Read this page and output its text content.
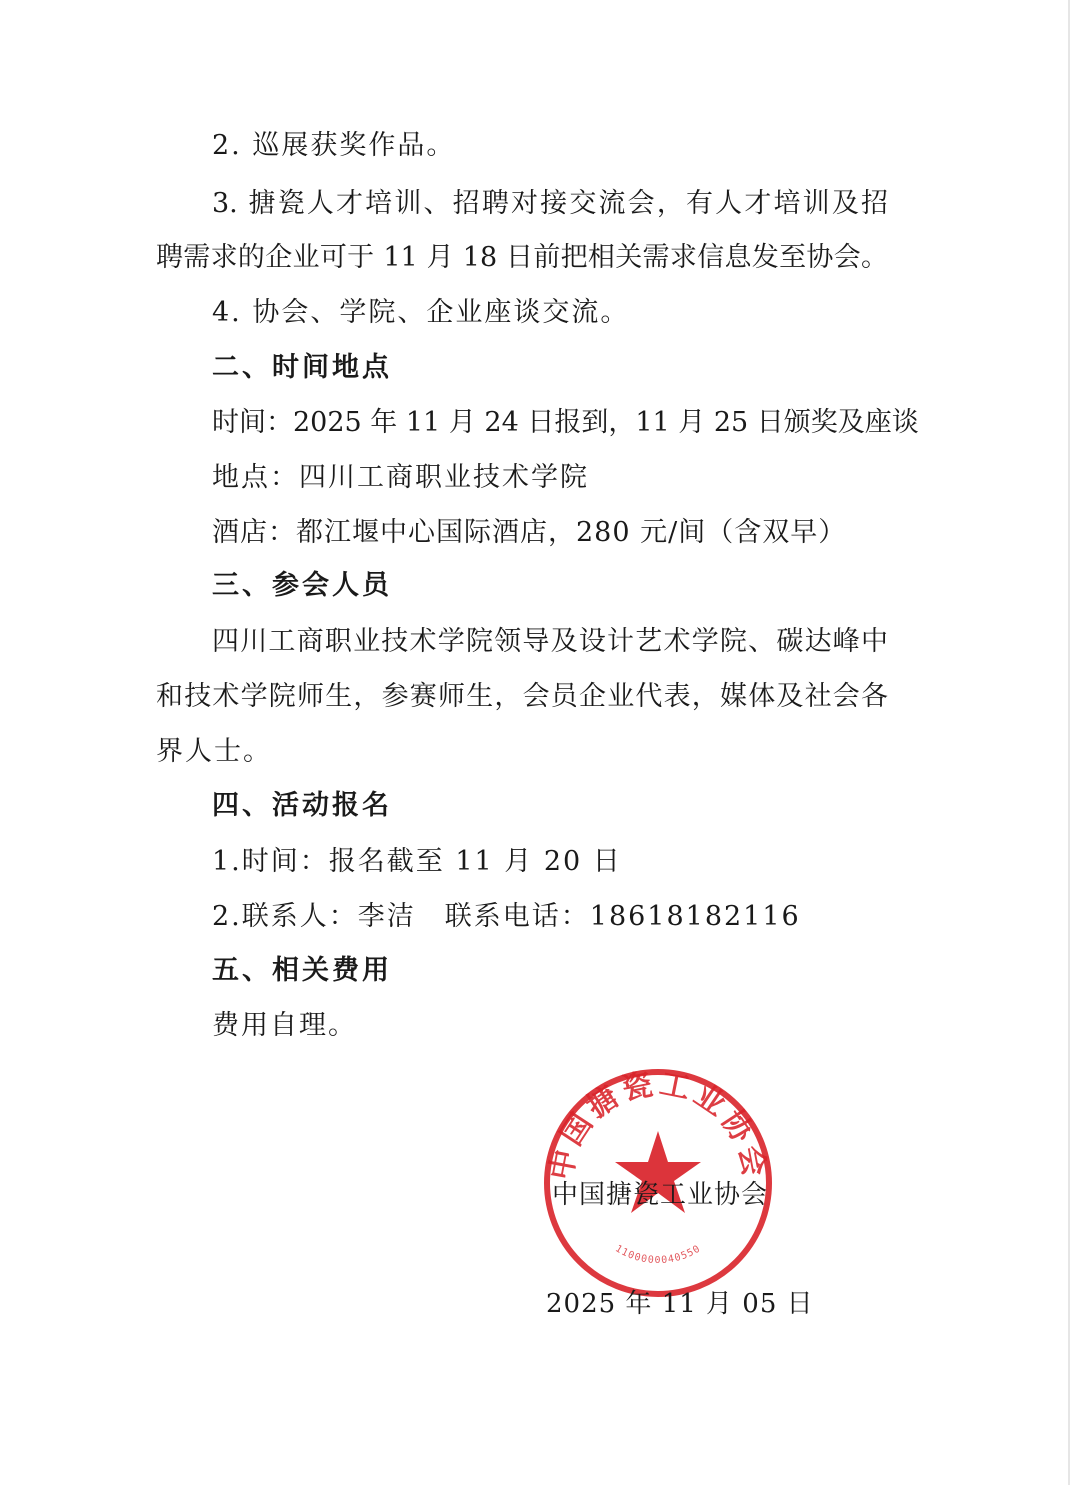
2. 巡展获奖作品。
3. 搪瓷人才培训、招聘对接交流会，有人才培训及招
聘需求的企业可于 11 月 18 日前把相关需求信息发至协会。
4. 协会、学院、企业座谈交流。
二、时间地点
时间：2025 年 11 月 24 日报到，11 月 25 日颁奖及座谈
地点：四川工商职业技术学院
酒店：都江堰中心国际酒店，280 元/间（含双早）
三、参会人员
四川工商职业技术学院领导及设计艺术学院、碳达峰中
和技术学院师生，参赛师生，会员企业代表，媒体及社会各
界人士。
四、活动报名
1.时间：报名截至 11 月 20 日
2.联系人：李洁　联系电话：18618182116
五、相关费用
费用自理。
中国搪瓷工业协会
1100000040550
中国搪瓷工业协会
2025 年 11 月 05 日
